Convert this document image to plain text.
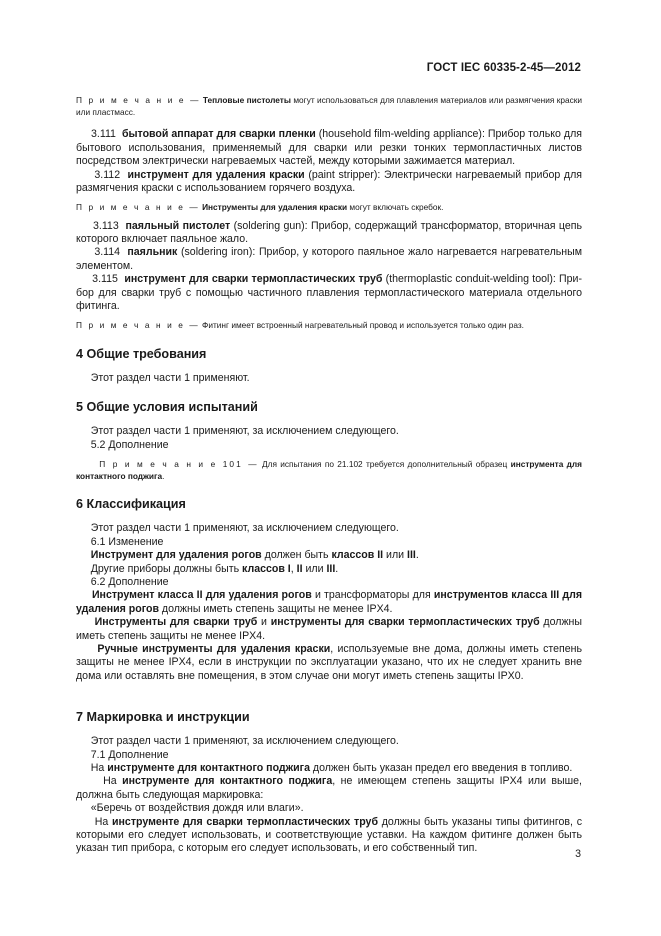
ГОСТ IEC 60335-2-45—2012

П р и м е ч а н и е — Тепловые пистолеты могут использоваться для плавления материалов или размягчения краски или пластмасс.

3.111 бытовой аппарат для сварки пленки (household film-welding appliance): Прибор только для бытового использования, применяемый для сварки или резки тонких термопластичных листов посредством электрически нагреваемых частей, между которыми зажимается материал.

3.112 инструмент для удаления краски (paint stripper): Электрически нагреваемый прибор для размягчения краски с использованием горячего воздуха.

П р и м е ч а н и е — Инструменты для удаления краски могут включать скребок.

3.113 паяльный пистолет (soldering gun): Прибор, содержащий трансформатор, вторичная цепь которого включает паяльное жало.

3.114 паяльник (soldering iron): Прибор, у которого паяльное жало нагревается нагревательным элементом.

3.115 инструмент для сварки термопластических труб (thermoplastic conduit-welding tool): Прибор для сварки труб с помощью частичного плавления термопластического материала отдельного фитинга.

П р и м е ч а н и е — Фитинг имеет встроенный нагревательный провод и используется только один раз.

4 Общие требования

Этот раздел части 1 применяют.

5 Общие условия испытаний

Этот раздел части 1 применяют, за исключением следующего.

5.2 Дополнение

П р и м е ч а н и е 101 — Для испытания по 21.102 требуется дополнительный образец инструмента для контактного поджига.

6 Классификация

Этот раздел части 1 применяют, за исключением следующего.

6.1 Изменение

Инструмент для удаления рогов должен быть классов II или III.

Другие приборы должны быть классов I, II или III.

6.2 Дополнение

Инструмент класса II для удаления рогов и трансформаторы для инструментов класса III для удаления рогов должны иметь степень защиты не менее IPX4.

Инструменты для сварки труб и инструменты для сварки термопластических труб должны иметь степень защиты не менее IPX4.

Ручные инструменты для удаления краски, используемые вне дома, должны иметь степень защиты не менее IPX4, если в инструкции по эксплуатации указано, что их не следует хранить вне дома или оставлять вне помещения, в этом случае они могут иметь степень защиты IPX0.

7 Маркировка и инструкции

Этот раздел части 1 применяют, за исключением следующего.

7.1 Дополнение

На инструменте для контактного поджига должен быть указан предел его введения в топливо.

На инструменте для контактного поджига, не имеющем степень защиты IPX4 или выше, должна быть следующая маркировка:

«Беречь от воздействия дождя или влаги».

На инструменте для сварки термопластических труб должны быть указаны типы фитингов, с которыми его следует использовать, и соответствующие уставки. На каждом фитинге должен быть указан тип прибора, с которым его следует использовать, и его собственный тип.	3
